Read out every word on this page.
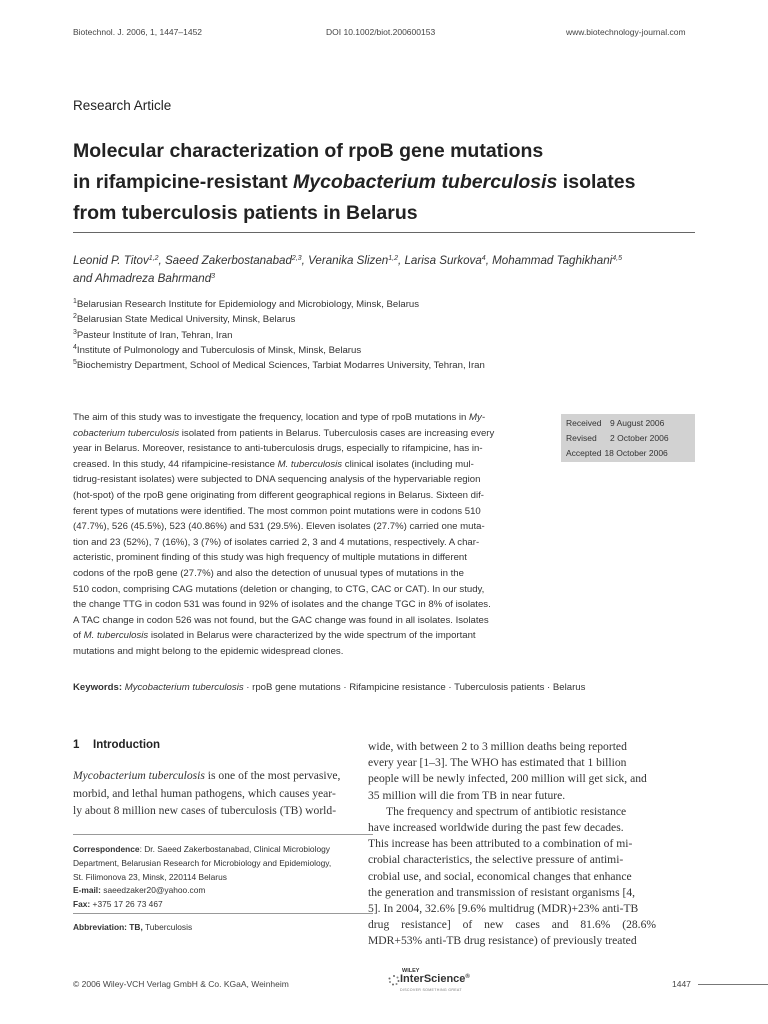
Biotechnol. J. 2006, 1, 1447–1452	DOI 10.1002/biot.200600153	www.biotechnology-journal.com
Research Article
Molecular characterization of rpoB gene mutations
in rifampicine-resistant Mycobacterium tuberculosis isolates
from tuberculosis patients in Belarus
Leonid P. Titov$^{1,2}$, Saeed Zakerbostanabad$^{2,3}$, Veranika Slizen$^{1,2}$, Larisa Surkova$^4$, Mohammad Taghikhani$^{4,5}$
and Ahmadreza Bahrmand$^3$
$^1$Belarusian Research Institute for Epidemiology and Microbiology, Minsk, Belarus
$^2$Belarusian State Medical University, Minsk, Belarus
$^3$Pasteur Institute of Iran, Tehran, Iran
$^4$Institute of Pulmonology and Tuberculosis of Minsk, Minsk, Belarus
$^5$Biochemistry Department, School of Medical Sciences, Tarbiat Modarres University, Tehran, Iran
The aim of this study was to investigate the frequency, location and type of rpoB mutations in My-
cobacterium tuberculosis isolated from patients in Belarus. Tuberculosis cases are increasing every
year in Belarus. Moreover, resistance to anti-tuberculosis drugs, especially to rifampicine, has in-
creased. In this study, 44 rifampicine-resistance M. tuberculosis clinical isolates (including mul-
tidrug-resistant isolates) were subjected to DNA sequencing analysis of the hypervariable region
(hot-spot) of the rpoB gene originating from different geographical regions in Belarus. Sixteen dif-
ferent types of mutations were identified. The most common point mutations were in codons 510
(47.7%), 526 (45.5%), 523 (40.86%) and 531 (29.5%). Eleven isolates (27.7%) carried one muta-
tion and 23 (52%), 7 (16%), 3 (7%) of isolates carried 2, 3 and 4 mutations, respectively. A char-
acteristic, prominent finding of this study was high frequency of multiple mutations in different
codons of the rpoB gene (27.7%) and also the detection of unusual types of mutations in the
510 codon, comprising CAG mutations (deletion or changing, to CTG, CAC or CAT). In our study,
the change TTG in codon 531 was found in 92% of isolates and the change TGC in 8% of isolates.
A TAC change in codon 526 was not found, but the GAC change was found in all isolates. Isolates
of M. tuberculosis isolated in Belarus were characterized by the wide spectrum of the important
mutations and might belong to the epidemic widespread clones.
Received 9 August 2006
Revised 2 October 2006
Accepted 18 October 2006
Keywords: Mycobacterium tuberculosis · rpoB gene mutations · Rifampicine resistance · Tuberculosis patients · Belarus
1 Introduction
Mycobacterium tuberculosis is one of the most pervasive,
morbid, and lethal human pathogens, which causes year-
ly about 8 million new cases of tuberculosis (TB) world-
wide, with between 2 to 3 million deaths being reported
every year [1–3]. The WHO has estimated that 1 billion
people will be newly infected, 200 million will get sick, and
35 million will die from TB in near future.
The frequency and spectrum of antibiotic resistance
have increased worldwide during the past few decades.
This increase has been attributed to a combination of mi-
crobial characteristics, the selective pressure of antimi-
crobial use, and social, economical changes that enhance
the generation and transmission of resistant organisms [4,
5]. In 2004, 32.6% [9.6% multidrug (MDR)+23% anti-TB
drug resistance] of new cases and 81.6% (28.6%
MDR+53% anti-TB drug resistance) of previously treated
Correspondence: Dr. Saeed Zakerbostanabad, Clinical Microbiology
Department, Belarusian Research for Microbiology and Epidemiology,
St. Filimonova 23, Minsk, 220114 Belarus
E-mail: saeedzaker20@yahoo.com
Fax: +375 17 26 73 467
Abbreviation: TB, Tuberculosis
© 2006 Wiley-VCH Verlag GmbH & Co. KGaA, Weinheim
WILEY
InterScience®
DISCOVER SOMETHING GREAT
1447
